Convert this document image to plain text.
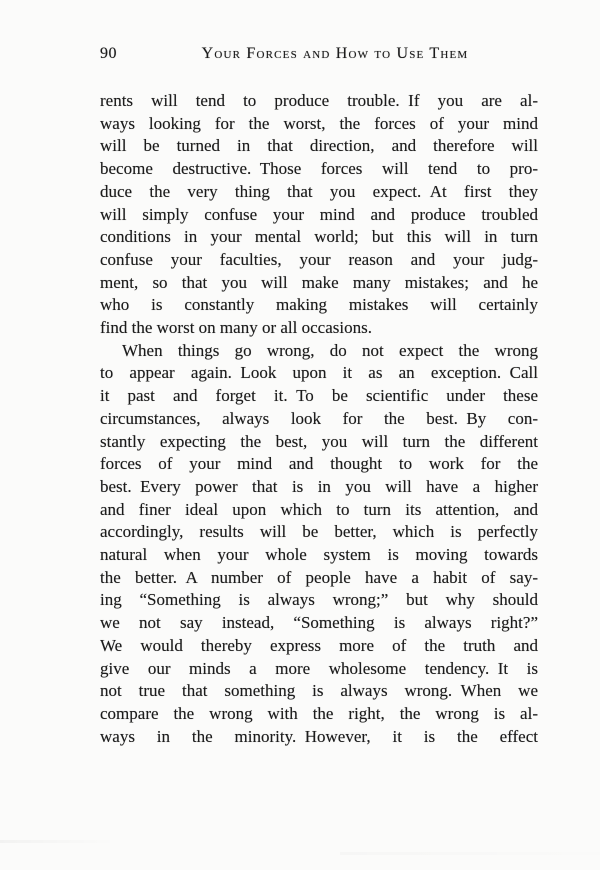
90	Your Forces and How to Use Them
rents will tend to produce trouble. If you are al-
ways looking for the worst, the forces of your mind
will be turned in that direction, and therefore will
become destructive. Those forces will tend to pro-
duce the very thing that you expect. At first they
will simply confuse your mind and produce troubled
conditions in your mental world; but this will in turn
confuse your faculties, your reason and your judg-
ment, so that you will make many mistakes; and he
who is constantly making mistakes will certainly
find the worst on many or all occasions.
When things go wrong, do not expect the wrong
to appear again. Look upon it as an exception. Call
it past and forget it. To be scientific under these
circumstances, always look for the best. By con-
stantly expecting the best, you will turn the different
forces of your mind and thought to work for the
best. Every power that is in you will have a higher
and finer ideal upon which to turn its attention, and
accordingly, results will be better, which is perfectly
natural when your whole system is moving towards
the better. A number of people have a habit of say-
ing “Something is always wrong;” but why should
we not say instead, “Something is always right?”
We would thereby express more of the truth and
give our minds a more wholesome tendency. It is
not true that something is always wrong. When we
compare the wrong with the right, the wrong is al-
ways in the minority. However, it is the effect
